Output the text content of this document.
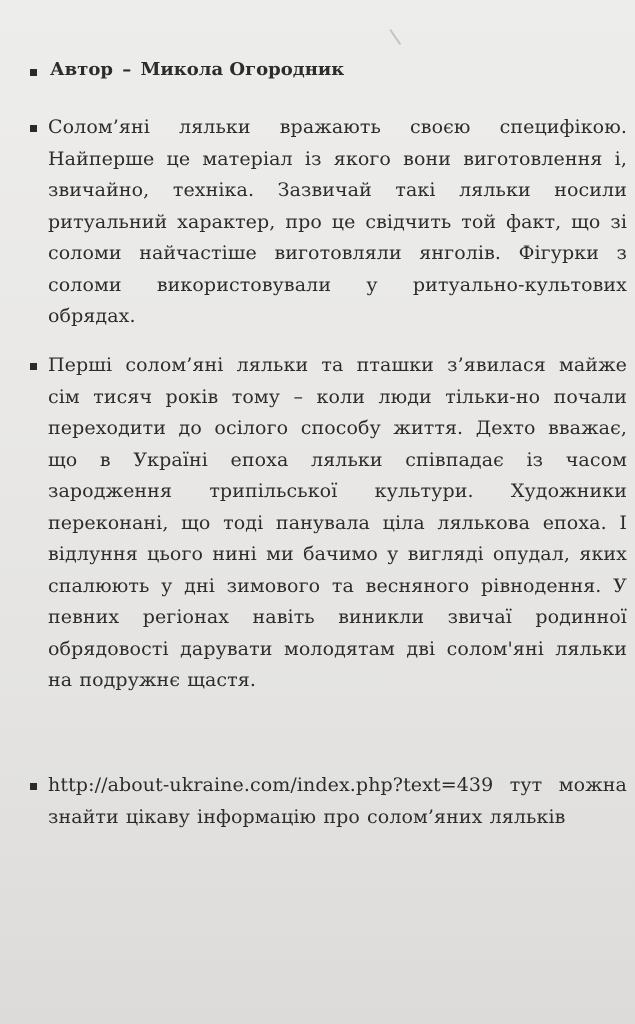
Автор – Микола Огородник
Солом’яні ляльки вражають своєю специфікою. Найперше це матеріал із якого вони виготовлення і, звичайно, техніка. Зазвичай такі ляльки носили ритуальний характер, про це свідчить той факт, що зі соломи найчастіше виготовляли янголів. Фігурки з соломи використовували у ритуально-культових обрядах.
Перші солом’яні ляльки та пташки з’явилася майже сім тисяч років тому – коли люди тільки-но почали переходити до осілого способу життя. Дехто вважає, що в Україні епоха ляльки співпадає із часом зародження трипільської культури. Художники переконані, що тоді панувала ціла лялькова епоха. І відлуння цього нині ми бачимо у вигляді опудал, яких спалюють у дні зимового та весняного рівнодення. У певних регіонах навіть виникли звичаї родинної обрядовості дарувати молодятам дві солом'яні ляльки на подружнє щастя.
http://about-ukraine.com/index.php?text=439 тут можна знайти цікаву інформацію про солом’яних ляльків
